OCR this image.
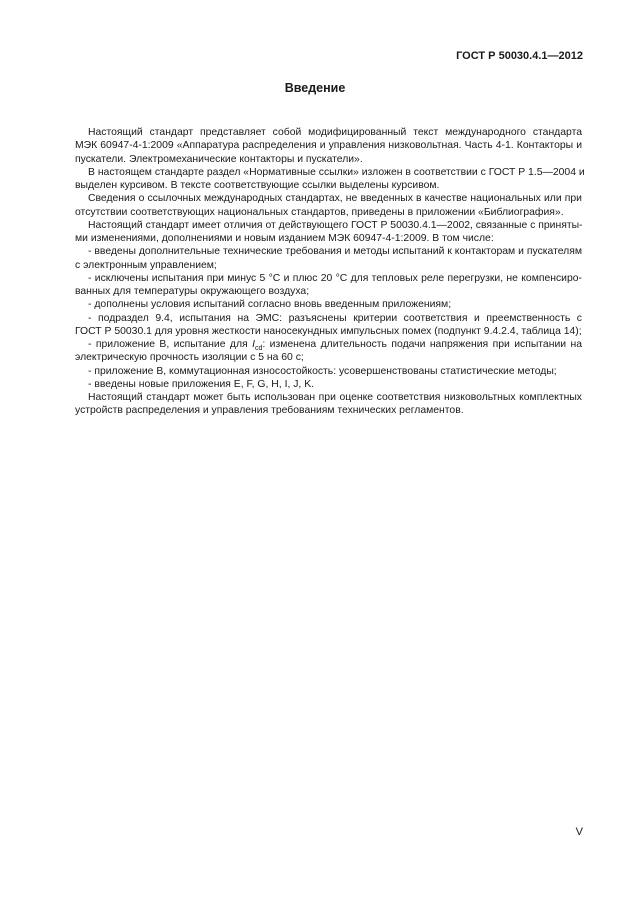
ГОСТ Р 50030.4.1—2012
Введение
Настоящий стандарт представляет собой модифицированный текст международного стандарта
МЭК 60947-4-1:2009 «Аппаратура распределения и управления низковольтная. Часть 4-1. Контакторы и
пускатели. Электромеханические контакторы и пускатели».
В настоящем стандарте раздел «Нормативные ссылки» изложен в соответствии с ГОСТ Р 1.5—2004 и
выделен курсивом. В тексте соответствующие ссылки выделены курсивом.
Сведения о ссылочных международных стандартах, не введенных в качестве национальных или при
отсутствии соответствующих национальных стандартов, приведены в приложении «Библиография».
Настоящий стандарт имеет отличия от действующего ГОСТ Р 50030.4.1—2002, связанные с приняты-
ми изменениями, дополнениями и новым изданием МЭК 60947-4-1:2009. В том числе:
- введены дополнительные технические требования и методы испытаний к контакторам и пускателям
с электронным управлением;
- исключены испытания при минус 5 °С и плюс 20 °С для тепловых реле перегрузки, не компенсиро-
ванных для температуры окружающего воздуха;
- дополнены условия испытаний согласно вновь введенным приложениям;
- подраздел 9.4, испытания на ЭМС: разъяснены критерии соответствия и преемственность с
ГОСТ Р 50030.1 для уровня жесткости наносекундных импульсных помех (подпункт 9.4.2.4, таблица 14);
- приложение В, испытание для $I_{cd}$: изменена длительность подачи напряжения при испытании на
электрическую прочность изоляции с 5 на 60 с;
- приложение В, коммутационная износостойкость: усовершенствованы статистические методы;
- введены новые приложения E, F, G, H, I, J, K.
Настоящий стандарт может быть использован при оценке соответствия низковольтных комплектных
устройств распределения и управления требованиям технических регламентов.
V
